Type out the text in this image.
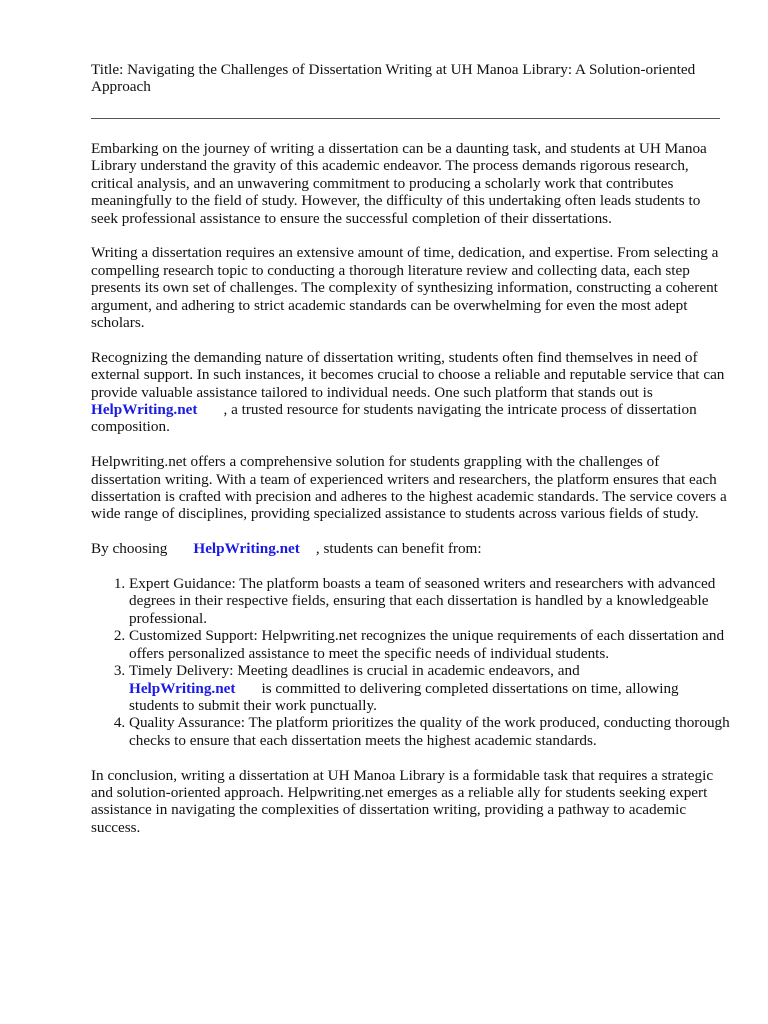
Title: Navigating the Challenges of Dissertation Writing at UH Manoa Library: A Solution-oriented Approach

Embarking on the journey of writing a dissertation can be a daunting task, and students at UH Manoa Library understand the gravity of this academic endeavor. The process demands rigorous research, critical analysis, and an unwavering commitment to producing a scholarly work that contributes meaningfully to the field of study. However, the difficulty of this undertaking often leads students to seek professional assistance to ensure the successful completion of their dissertations.

Writing a dissertation requires an extensive amount of time, dedication, and expertise. From selecting a compelling research topic to conducting a thorough literature review and collecting data, each step presents its own set of challenges. The complexity of synthesizing information, constructing a coherent argument, and adhering to strict academic standards can be overwhelming for even the most adept scholars.

Recognizing the demanding nature of dissertation writing, students often find themselves in need of external support. In such instances, it becomes crucial to choose a reliable and reputable service that can provide valuable assistance tailored to individual needs. One such platform that stands out is
HelpWriting.net , a trusted resource for students navigating the intricate process of dissertation composition.

Helpwriting.net offers a comprehensive solution for students grappling with the challenges of dissertation writing. With a team of experienced writers and researchers, the platform ensures that each dissertation is crafted with precision and adheres to the highest academic standards. The service covers a wide range of disciplines, providing specialized assistance to students across various fields of study.

By choosing HelpWriting.net , students can benefit from:

1. Expert Guidance: The platform boasts a team of seasoned writers and researchers with advanced degrees in their respective fields, ensuring that each dissertation is handled by a knowledgeable professional.
2. Customized Support: Helpwriting.net recognizes the unique requirements of each dissertation and offers personalized assistance to meet the specific needs of individual students.
3. Timely Delivery: Meeting deadlines is crucial in academic endeavors, and
HelpWriting.net is committed to delivering completed dissertations on time, allowing students to submit their work punctually.
4. Quality Assurance: The platform prioritizes the quality of the work produced, conducting thorough checks to ensure that each dissertation meets the highest academic standards.

In conclusion, writing a dissertation at UH Manoa Library is a formidable task that requires a strategic and solution-oriented approach. Helpwriting.net emerges as a reliable ally for students seeking expert assistance in navigating the complexities of dissertation writing, providing a pathway to academic success.
